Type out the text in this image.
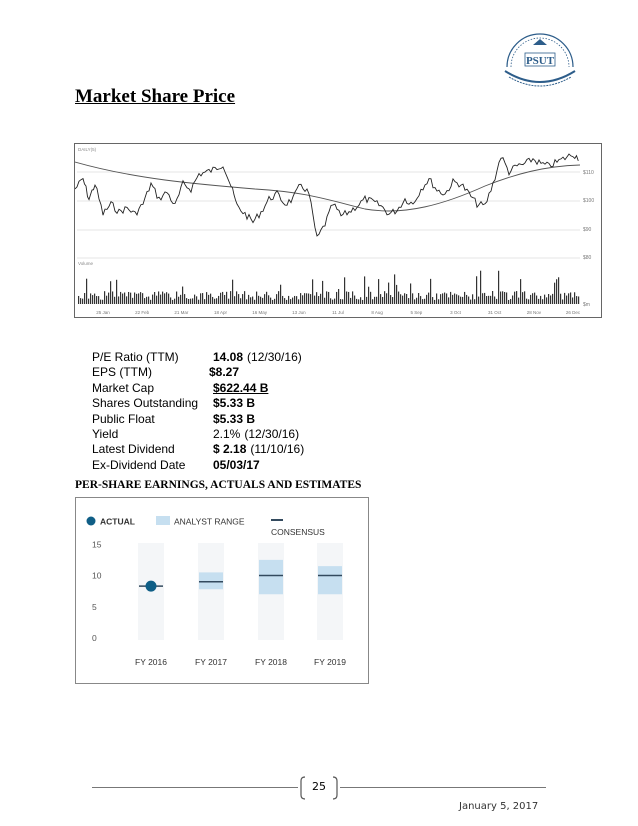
PSUT
Market Share Price
$110
$100
$90
$80
$m
DAILY(5)
Volume
25 Jan	22 Feb	21 Mar	18 Apr	16 May	13 Jun	11 Jul	8 Aug	5 Sep	3 Oct	31 Oct	28 Nov	26 Dec
P/E Ratio (TTM)	14.08 (12/30/16)
EPS (TTM)	$8.27
Market Cap	$622.44 B
Shares Outstanding $5.33 B
Public Float	$5.33 B
Yield	2.1% (12/30/16)
Latest Dividend	$ 2.18 (11/10/16)
Ex-Dividend Date 05/03/17
PER-SHARE EARNINGS, ACTUALS AND ESTIMATES
ACTUAL	ANALYST RANGE
CONSENSUS
15
10
5
0
FY 2016	FY 2017	FY 2018	FY 2019
25
January 5, 2017
